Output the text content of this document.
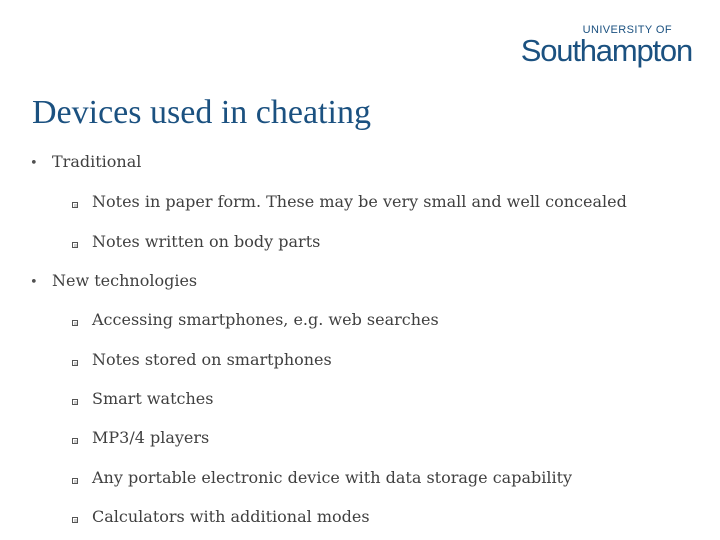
UNIVERSITY OF
Southampton
Devices used in cheating
• Traditional
Notes in paper form. These may be very small and well concealed
Notes written on body parts
• New technologies
Accessing smartphones, e.g. web searches
Notes stored on smartphones
Smart watches
MP3/4 players
Any portable electronic device with data storage capability
Calculators with additional modes
